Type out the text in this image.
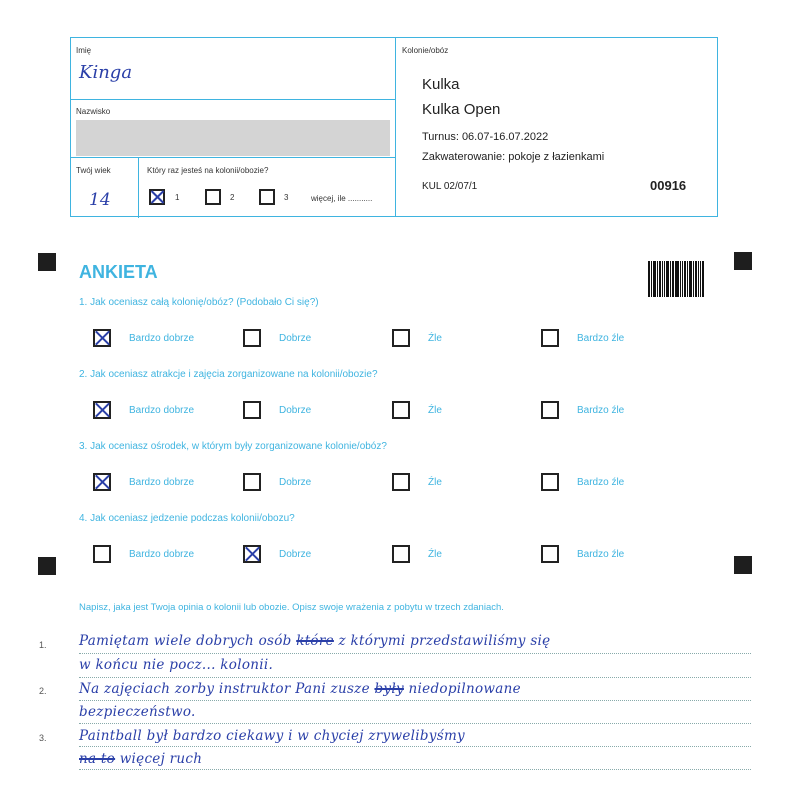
Imię
Kinga
Nazwisko
Twój wiek
14
Który raz jesteś na kolonii/obozie?
1	2	3	więcej, ile ...........
Kolonie/obóz
Kulka
Kulka Open
Turnus: 06.07-16.07.2022
Zakwaterowanie: pokoje z łazienkami
KUL 02/07/1	00916
ANKIETA
1. Jak oceniasz całą kolonię/obóz? (Podobało Ci się?)
Bardzo dobrze	Dobrze	Źle	Bardzo źle
2. Jak oceniasz atrakcje i zajęcia zorganizowane na kolonii/obozie?
Bardzo dobrze	Dobrze	Źle	Bardzo źle
3. Jak oceniasz ośrodek, w którym były zorganizowane kolonie/obóz?
Bardzo dobrze	Dobrze	Źle	Bardzo źle
4. Jak oceniasz jedzenie podczas kolonii/obozu?
Bardzo dobrze	Dobrze	Źle	Bardzo źle
Napisz, jaka jest Twoja opinia o kolonii lub obozie. Opisz swoje wrażenia z pobytu w trzech zdaniach.
1.
2.
3.
Pamiętam wiele dobrych osób które z którymi przedstawiliśmy się
w końcu nie pocz... kolonii.
Na zajęciach zorby instruktor Pani zusze były niedopilnowane
bezpieczeństwo.
Paintball był bardzo ciekawy i w chyciej zrywelibyśmy
na to więcej ruch
